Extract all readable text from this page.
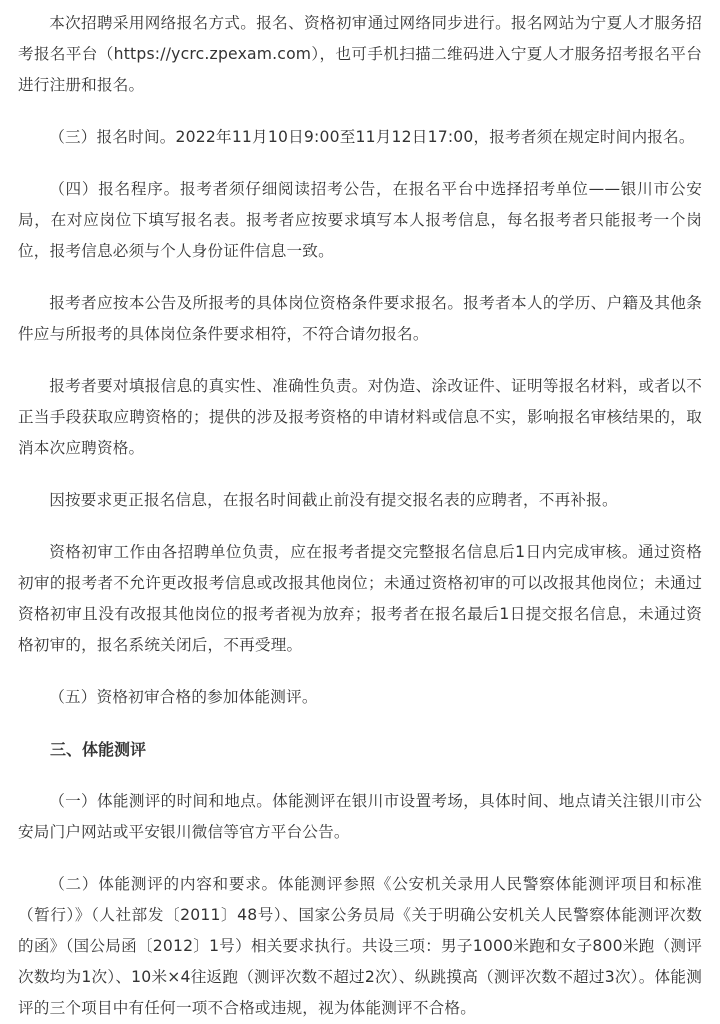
本次招聘采用网络报名方式。报名、资格初审通过网络同步进行。报名网站为宁夏人才服务招考报名平台（https://ycrc.zpexam.com），也可手机扫描二维码进入宁夏人才服务招考报名平台进行注册和报名。

（三）报名时间。2022年11月10日9:00至11月12日17:00，报考者须在规定时间内报名。

（四）报名程序。报考者须仔细阅读招考公告，在报名平台中选择招考单位——银川市公安局，在对应岗位下填写报名表。报考者应按要求填写本人报考信息，每名报考者只能报考一个岗位，报考信息必须与个人身份证件信息一致。

报考者应按本公告及所报考的具体岗位资格条件要求报名。报考者本人的学历、户籍及其他条件应与所报考的具体岗位条件要求相符，不符合请勿报名。

报考者要对填报信息的真实性、准确性负责。对伪造、涂改证件、证明等报名材料，或者以不正当手段获取应聘资格的；提供的涉及报考资格的申请材料或信息不实，影响报名审核结果的，取消本次应聘资格。

因按要求更正报名信息，在报名时间截止前没有提交报名表的应聘者，不再补报。

资格初审工作由各招聘单位负责，应在报考者提交完整报名信息后1日内完成审核。通过资格初审的报考者不允许更改报考信息或改报其他岗位；未通过资格初审的可以改报其他岗位；未通过资格初审且没有改报其他岗位的报考者视为放弃；报考者在报名最后1日提交报名信息，未通过资格初审的，报名系统关闭后，不再受理。

（五）资格初审合格的参加体能测评。

三、体能测评

（一）体能测评的时间和地点。体能测评在银川市设置考场，具体时间、地点请关注银川市公安局门户网站或平安银川微信等官方平台公告。

（二）体能测评的内容和要求。体能测评参照《公安机关录用人民警察体能测评项目和标准（暂行）》（人社部发〔2011〕48号）、国家公务员局《关于明确公安机关人民警察体能测评次数的函》（国公局函〔2012〕1号）相关要求执行。共设三项：男子1000米跑和女子800米跑（测评次数均为1次）、10米×4往返跑（测评次数不超过2次）、纵跳摸高（测评次数不超过3次）。体能测评的三个项目中有任何一项不合格或违规，视为体能测评不合格。
